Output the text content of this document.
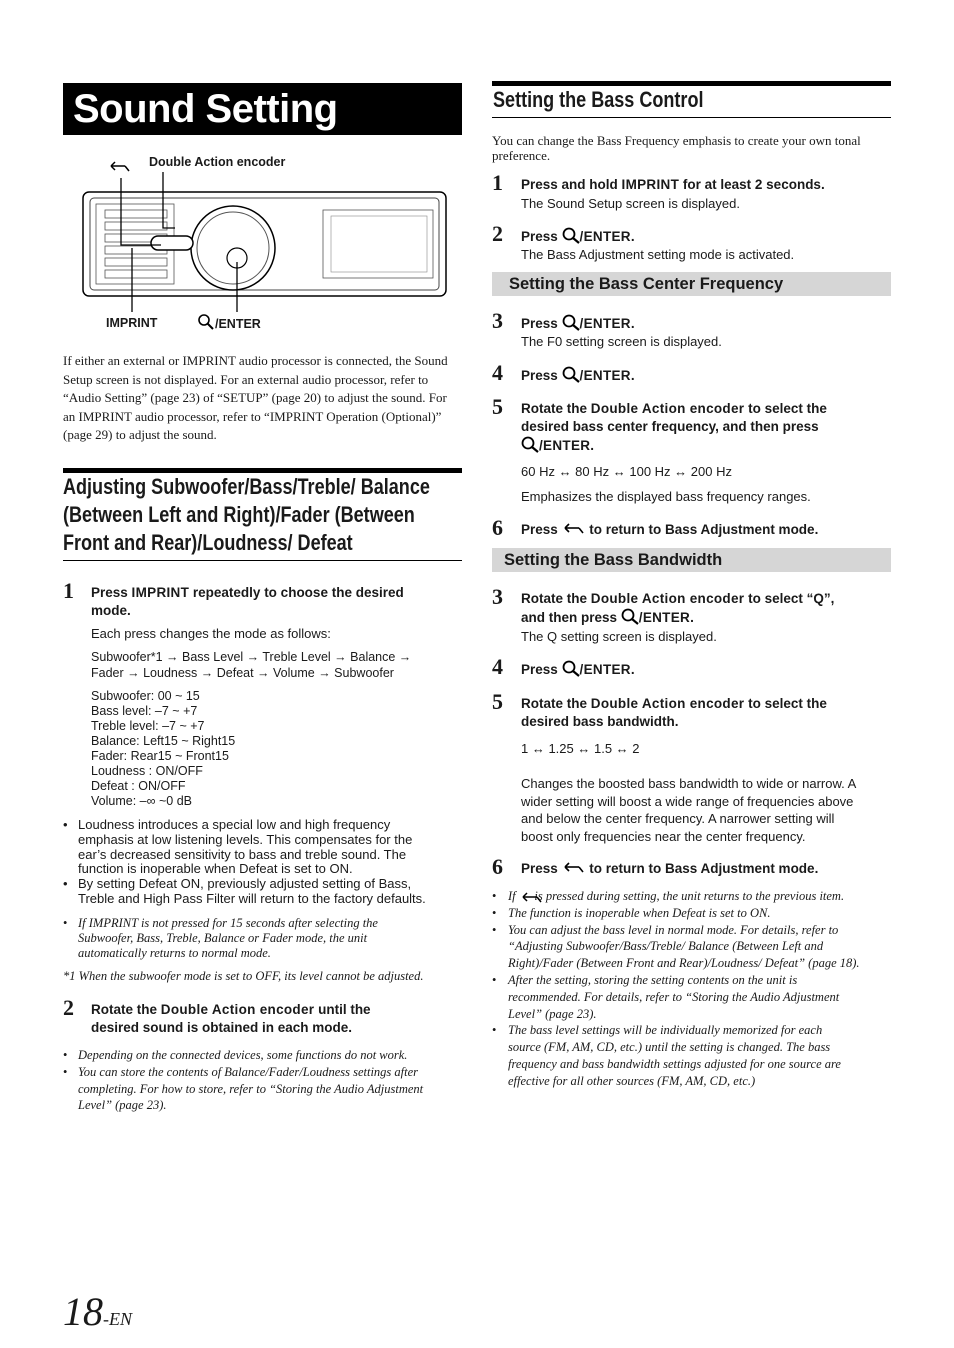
Sound Setting
Double Action encoder
IMPRINT	/ENTER
If either an external or IMPRINT audio processor is connected, the Sound Setup screen is not displayed. For an external audio processor, refer to “Audio Setting” (page 23) of “SETUP” (page 20) to adjust the sound. For an IMPRINT audio processor, refer to “IMPRINT Operation (Optional)” (page 29) to adjust the sound.
Adjusting Subwoofer/Bass/Treble/ Balance
(Between Left and Right)/Fader (Between
Front and Rear)/Loudness/ Defeat
1 Press IMPRINT repeatedly to choose the desired
mode.
Each press changes the mode as follows:
Subwoofer*1 → Bass Level → Treble Level → Balance →
Fader → Loudness → Defeat → Volume → Subwoofer
Subwoofer: 00 ~ 15
Bass level: –7 ~ +7
Treble level: –7 ~ +7
Balance: Left15 ~ Right15
Fader: Rear15 ~ Front15
Loudness : ON/OFF
Defeat : ON/OFF
Volume: –∞ ~0 dB
• Loudness introduces a special low and high frequency
emphasis at low listening levels. This compensates for the
ear’s decreased sensitivity to bass and treble sound. The
function is inoperable when Defeat is set to ON.
• By setting Defeat ON, previously adjusted setting of Bass,
Treble and High Pass Filter will return to the factory defaults.
• If IMPRINT is not pressed for 15 seconds after selecting the
Subwoofer, Bass, Treble, Balance or Fader mode, the unit
automatically returns to normal mode.
*1 When the subwoofer mode is set to OFF, its level cannot be adjusted.
2 Rotate the Double Action encoder until the
desired sound is obtained in each mode.
• Depending on the connected devices, some functions do not work.
• You can store the contents of Balance/Fader/Loudness settings after
completing. For how to store, refer to “Storing the Audio Adjustment
Level” (page 23).
Setting the Bass Control
You can change the Bass Frequency emphasis to create your own tonal
preference.
1 Press and hold IMPRINT for at least 2 seconds.
The Sound Setup screen is displayed.
2 Press /ENTER.
The Bass Adjustment setting mode is activated.
Setting the Bass Center Frequency
3 Press /ENTER.
The F0 setting screen is displayed.
4 Press /ENTER.
5 Rotate the Double Action encoder to select the
desired bass center frequency, and then press
/ENTER.
60 Hz ↔ 80 Hz ↔ 100 Hz ↔ 200 Hz
Emphasizes the displayed bass frequency ranges.
6 Press  to return to Bass Adjustment mode.
Setting the Bass Bandwidth
3 Rotate the Double Action encoder to select “Q”,
and then press /ENTER.
The Q setting screen is displayed.
4 Press /ENTER.
5 Rotate the Double Action encoder to select the
desired bass bandwidth.
1 ↔ 1.25 ↔ 1.5 ↔ 2
Changes the boosted bass bandwidth to wide or narrow. A
wider setting will boost a wide range of frequencies above
and below the center frequency. A narrower setting will
boost only frequencies near the center frequency.
6 Press  to return to Bass Adjustment mode.
• If      is pressed during setting, the unit returns to the previous item.
• The function is inoperable when Defeat is set to ON.
• You can adjust the bass level in normal mode. For details, refer to
“Adjusting Subwoofer/Bass/Treble/ Balance (Between Left and
Right)/Fader (Between Front and Rear)/Loudness/ Defeat” (page 18).
• After the setting, storing the setting contents on the unit is
recommended. For details, refer to “Storing the Audio Adjustment
Level” (page 23).
• The bass level settings will be individually memorized for each
source (FM, AM, CD, etc.) until the setting is changed. The bass
frequency and bass bandwidth settings adjusted for one source are
effective for all other sources (FM, AM, CD, etc.)
18-EN
